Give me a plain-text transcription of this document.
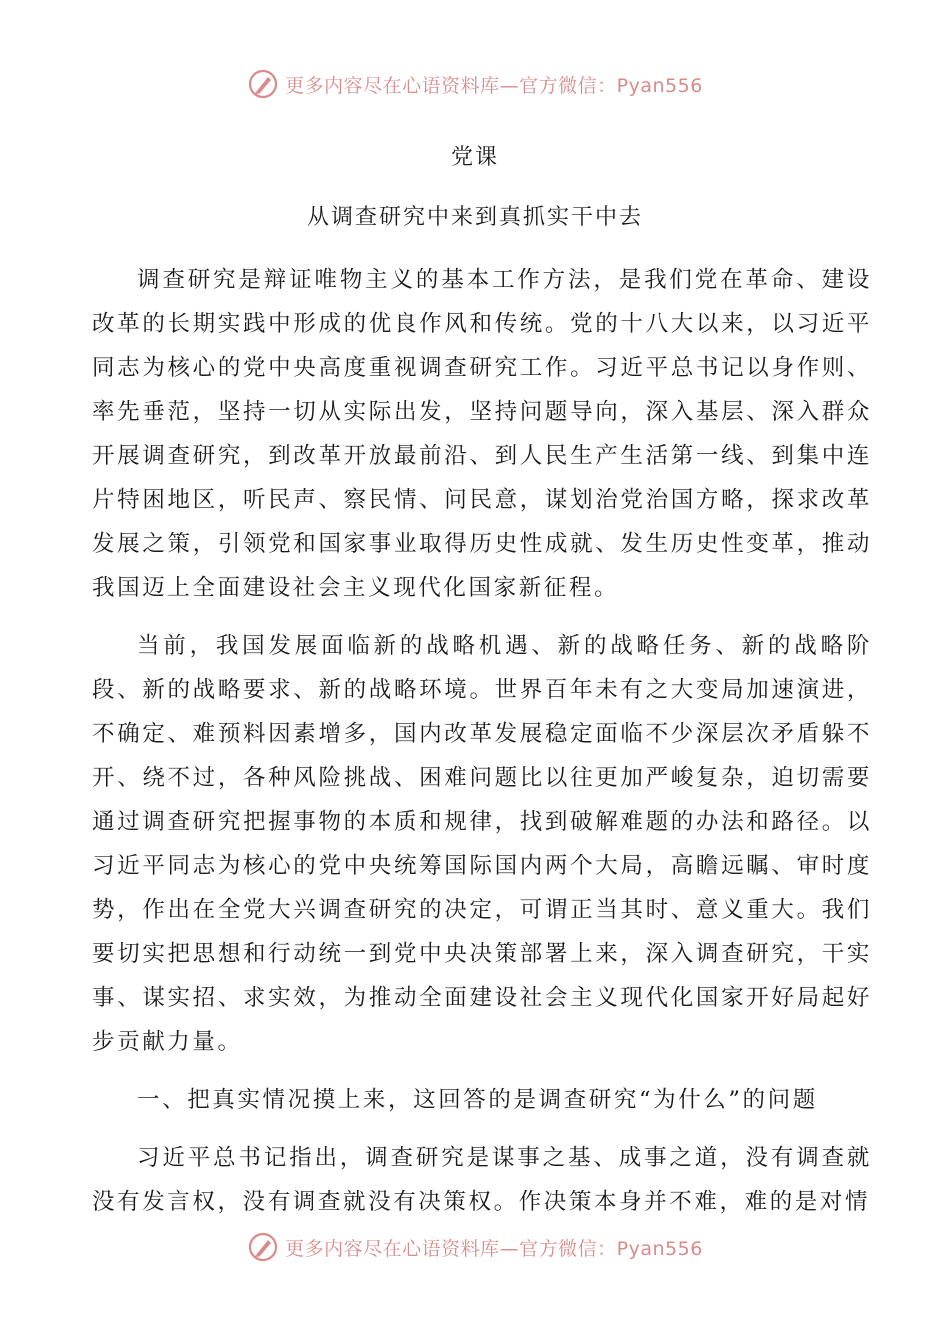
更多内容尽在心语资料库—官方微信：Pyan556
党课
从调查研究中来到真抓实干中去

调查研究是辩证唯物主义的基本工作方法，是我们党在革命、建设改革的长期实践中形成的优良作风和传统。党的十八大以来，以习近平同志为核心的党中央高度重视调查研究工作。习近平总书记以身作则、率先垂范，坚持一切从实际出发，坚持问题导向，深入基层、深入群众开展调查研究，到改革开放最前沿、到人民生产生活第一线、到集中连片特困地区，听民声、察民情、问民意，谋划治党治国方略，探求改革发展之策，引领党和国家事业取得历史性成就、发生历史性变革，推动我国迈上全面建设社会主义现代化国家新征程。

当前，我国发展面临新的战略机遇、新的战略任务、新的战略阶段、新的战略要求、新的战略环境。世界百年未有之大变局加速演进，不确定、难预料因素增多，国内改革发展稳定面临不少深层次矛盾躲不开、绕不过，各种风险挑战、困难问题比以往更加严峻复杂，迫切需要通过调查研究把握事物的本质和规律，找到破解难题的办法和路径。以习近平同志为核心的党中央统筹国际国内两个大局，高瞻远瞩、审时度势，作出在全党大兴调查研究的决定，可谓正当其时、意义重大。我们要切实把思想和行动统一到党中央决策部署上来，深入调查研究，干实事、谋实招、求实效，为推动全面建设社会主义现代化国家开好局起好步贡献力量。

一、把真实情况摸上来，这回答的是调查研究“为什么”的问题

习近平总书记指出，调查研究是谋事之基、成事之道，没有调查就没有发言权，没有调查就没有决策权。作决策本身并不难，难的是对情

更多内容尽在心语资料库—官方微信：Pyan556
